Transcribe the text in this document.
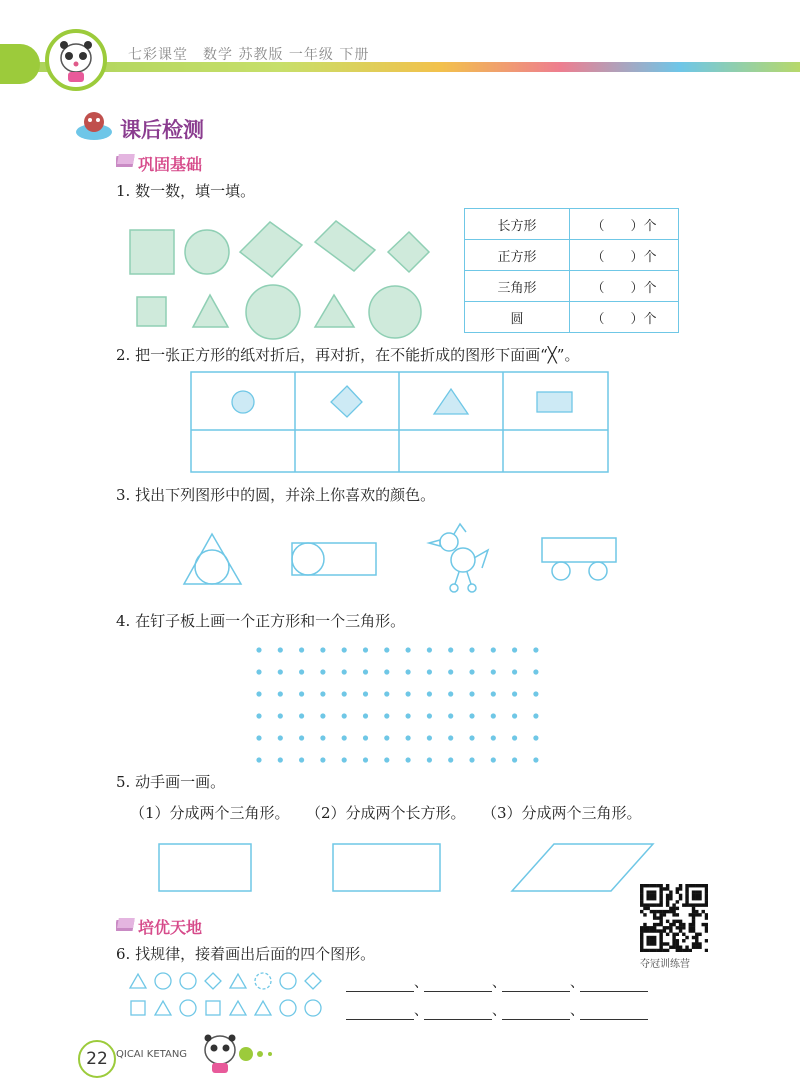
七彩课堂　数学 苏教版 一年级 下册
课后检测
巩固基础
1. 数一数，填一填。
长方形	（　　）个
正方形	（　　）个
三角形	（　　）个
圆	（　　）个
2. 把一张正方形的纸对折后，再对折，在不能折成的图形下面画“╳”。
3. 找出下列图形中的圆，并涂上你喜欢的颜色。
4. 在钉子板上画一个正方形和一个三角形。
5. 动手画一画。
（1）分成两个三角形。 （2）分成两个长方形。 （3）分成两个三角形。
夺冠训练营
培优天地
6. 找规律，接着画出后面的四个图形。
、	、	、
、	、	、
22 QICAI KETANG
